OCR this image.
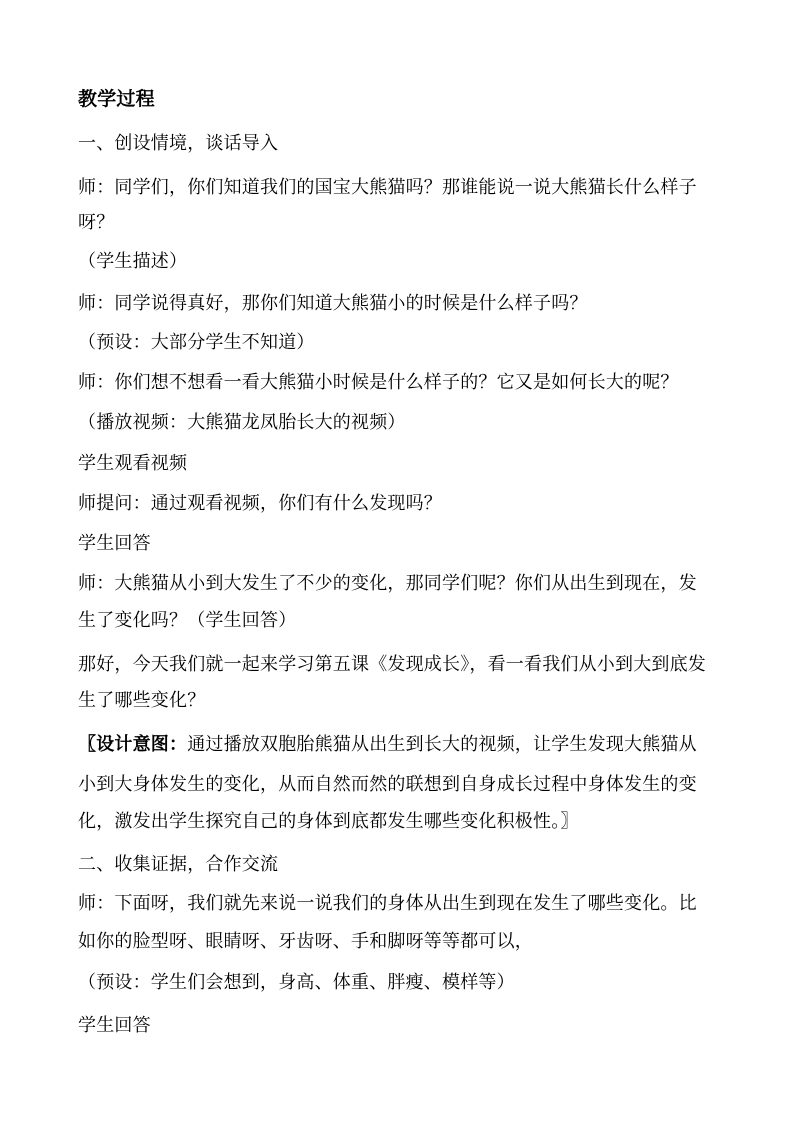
教学过程
一、创设情境，谈话导入
师：同学们，你们知道我们的国宝大熊猫吗？那谁能说一说大熊猫长什么样子
呀？
（学生描述）
师：同学说得真好，那你们知道大熊猫小的时候是什么样子吗？
（预设：大部分学生不知道）
师：你们想不想看一看大熊猫小时候是什么样子的？它又是如何长大的呢？
（播放视频：大熊猫龙凤胎长大的视频）
学生观看视频
师提问：通过观看视频，你们有什么发现吗？
学生回答
师：大熊猫从小到大发生了不少的变化，那同学们呢？你们从出生到现在，发
生了变化吗？（学生回答）
那好，今天我们就一起来学习第五课《发现成长》，看一看我们从小到大到底发
生了哪些变化？
〖设计意图：通过播放双胞胎熊猫从出生到长大的视频，让学生发现大熊猫从
小到大身体发生的变化，从而自然而然的联想到自身成长过程中身体发生的变
化，激发出学生探究自己的身体到底都发生哪些变化积极性。〗
二、收集证据，合作交流
师：下面呀，我们就先来说一说我们的身体从出生到现在发生了哪些变化。比
如你的脸型呀、眼睛呀、牙齿呀、手和脚呀等等都可以，
（预设：学生们会想到，身高、体重、胖瘦、模样等）
学生回答
